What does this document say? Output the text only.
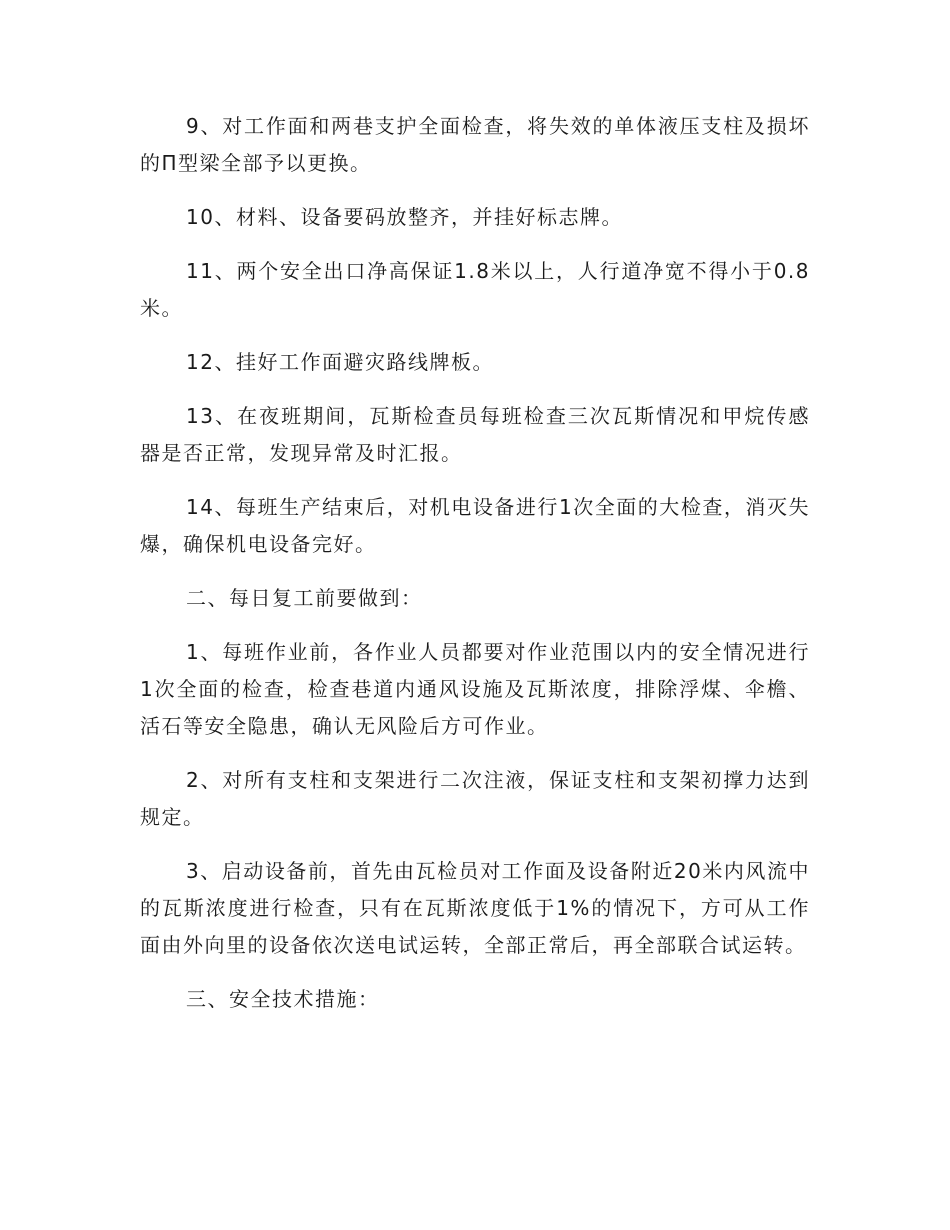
9、对工作面和两巷支护全面检查，将失效的单体液压支柱及损坏的Π型梁全部予以更换。

10、材料、设备要码放整齐，并挂好标志牌。

11、两个安全出口净高保证1.8米以上，人行道净宽不得小于0.8米。

12、挂好工作面避灾路线牌板。

13、在夜班期间，瓦斯检查员每班检查三次瓦斯情况和甲烷传感器是否正常，发现异常及时汇报。

14、每班生产结束后，对机电设备进行1次全面的大检查，消灭失爆，确保机电设备完好。

二、每日复工前要做到：

1、每班作业前，各作业人员都要对作业范围以内的安全情况进行1次全面的检查，检查巷道内通风设施及瓦斯浓度，排除浮煤、伞檐、活石等安全隐患，确认无风险后方可作业。

2、对所有支柱和支架进行二次注液，保证支柱和支架初撑力达到规定。

3、启动设备前，首先由瓦检员对工作面及设备附近20米内风流中的瓦斯浓度进行检查，只有在瓦斯浓度低于1%的情况下，方可从工作面由外向里的设备依次送电试运转，全部正常后，再全部联合试运转。

三、安全技术措施：
